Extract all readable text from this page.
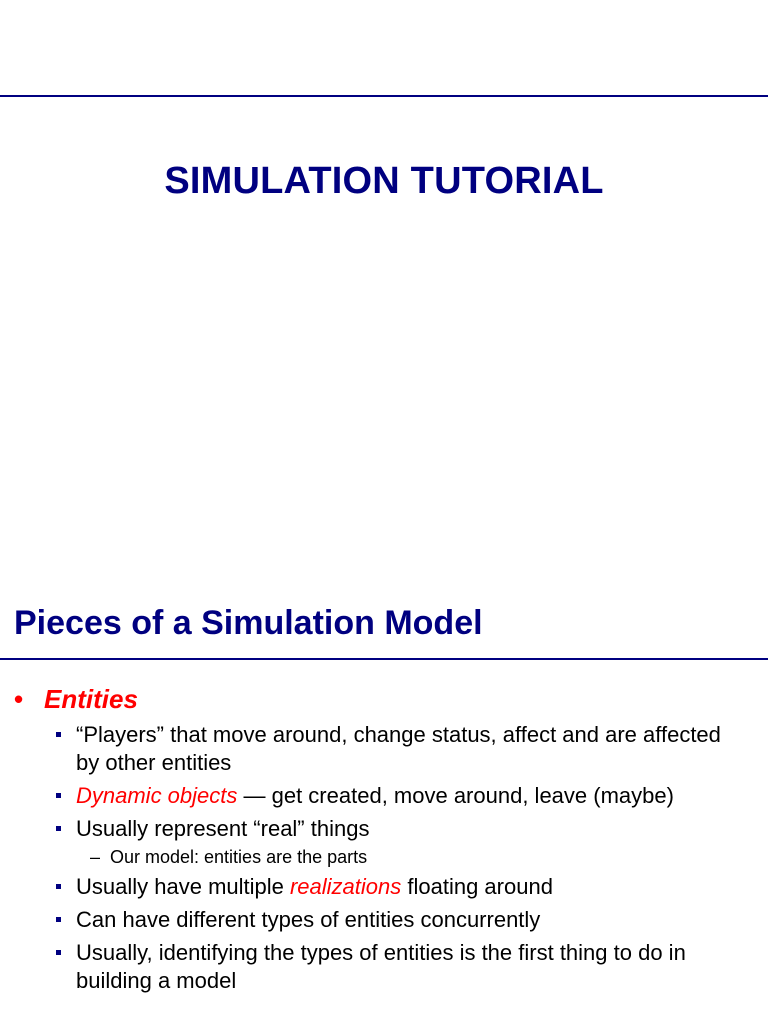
SIMULATION TUTORIAL
Pieces of a Simulation Model
• Entities
“Players” that move around, change status, affect and are affected by other entities
Dynamic objects — get created, move around, leave (maybe)
Usually represent “real” things
– Our model: entities are the parts
Usually have multiple realizations floating around
Can have different types of entities concurrently
Usually, identifying the types of entities is the first thing to do in building a model
